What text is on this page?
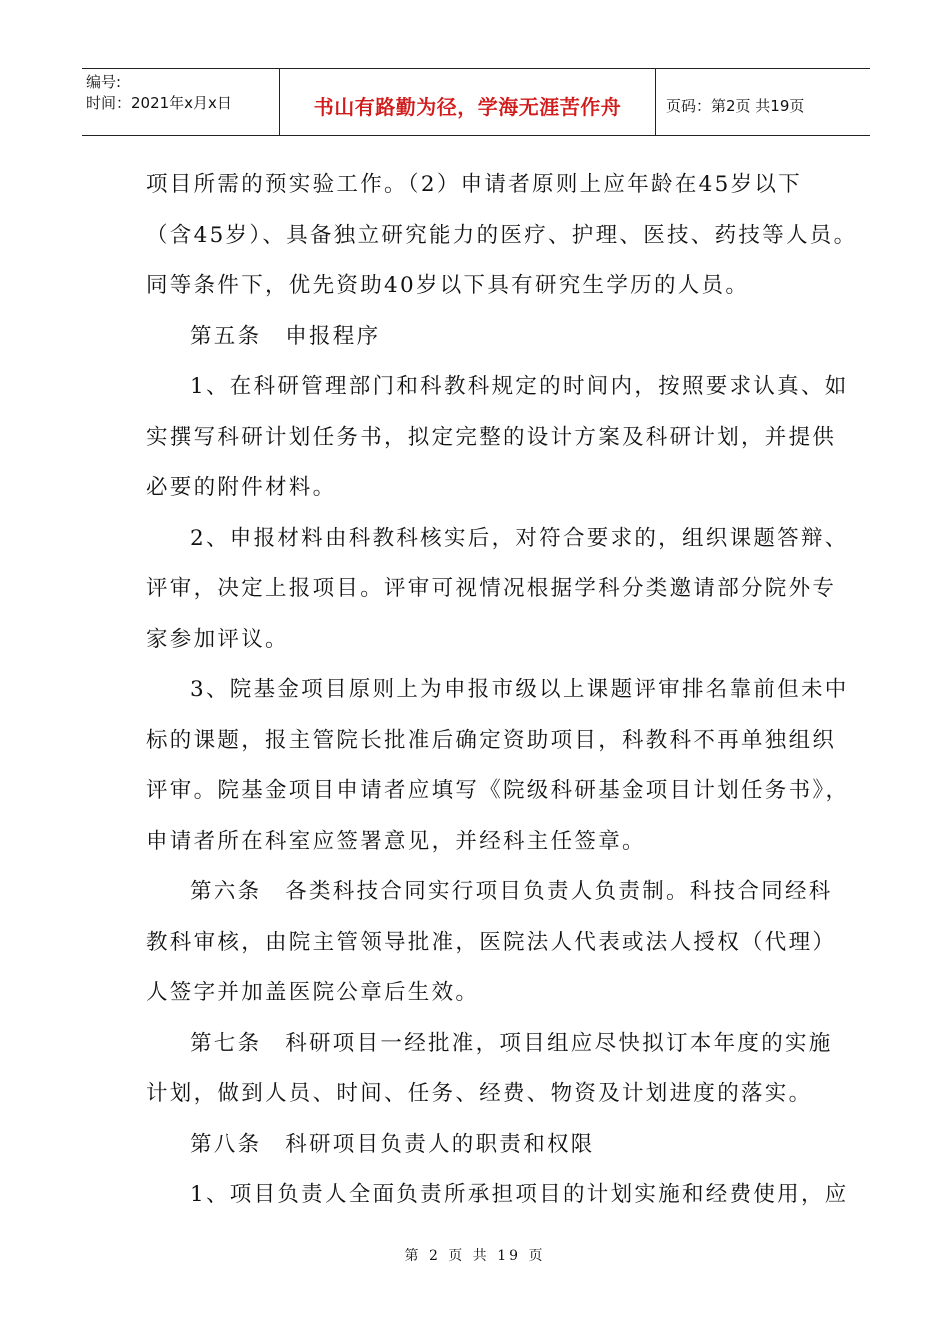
编号:
时间：2021年x月x日	书山有路勤为径，学海无涯苦作舟	页码：第2页 共19页

项目所需的预实验工作。（2）申请者原则上应年龄在45岁以下

（含45岁）、具备独立研究能力的医疗、护理、医技、药技等人员。

同等条件下，优先资助40岁以下具有研究生学历的人员。

第五条　申报程序

1、在科研管理部门和科教科规定的时间内，按照要求认真、如

实撰写科研计划任务书，拟定完整的设计方案及科研计划，并提供

必要的附件材料。

2、申报材料由科教科核实后，对符合要求的，组织课题答辩、

评审，决定上报项目。评审可视情况根据学科分类邀请部分院外专

家参加评议。

3、院基金项目原则上为申报市级以上课题评审排名靠前但未中

标的课题，报主管院长批准后确定资助项目，科教科不再单独组织

评审。院基金项目申请者应填写《院级科研基金项目计划任务书》，

申请者所在科室应签署意见，并经科主任签章。

第六条　各类科技合同实行项目负责人负责制。科技合同经科

教科审核，由院主管领导批准，医院法人代表或法人授权（代理）

人签字并加盖医院公章后生效。

第七条　科研项目一经批准，项目组应尽快拟订本年度的实施

计划，做到人员、时间、任务、经费、物资及计划进度的落实。

第八条　科研项目负责人的职责和权限

1、项目负责人全面负责所承担项目的计划实施和经费使用，应

第 2 页 共 19 页
